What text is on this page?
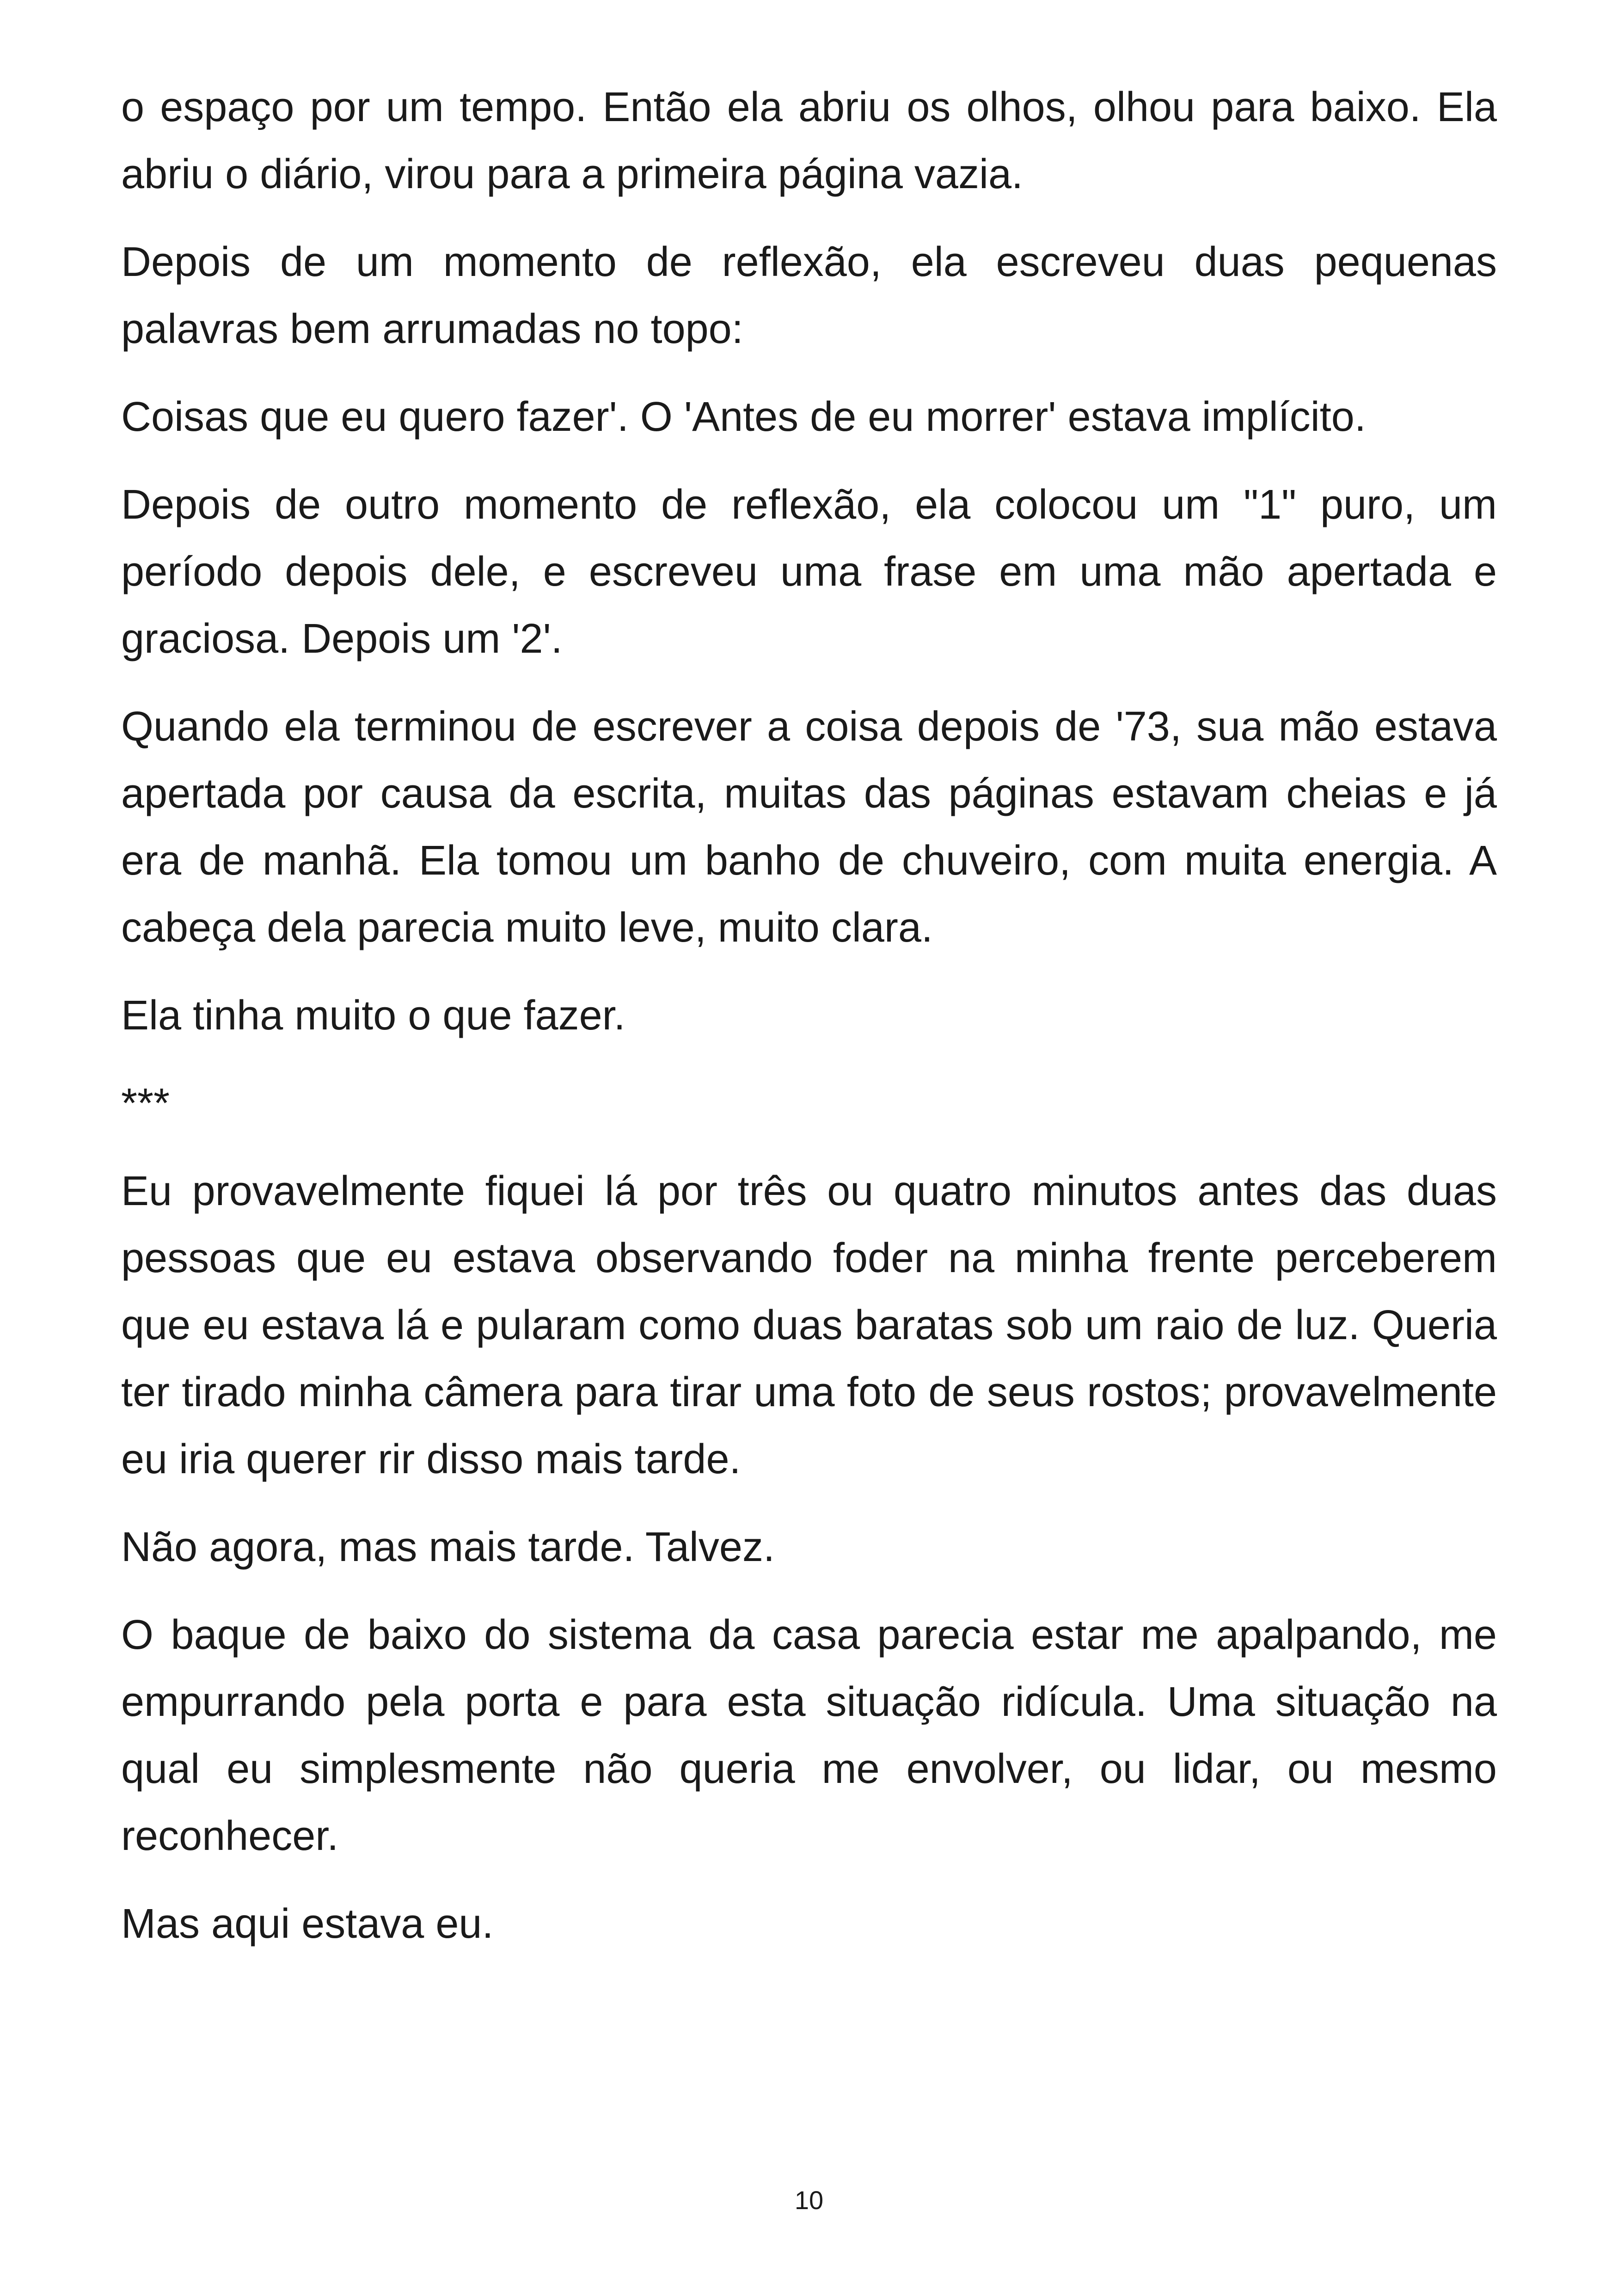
o espaço por um tempo. Então ela abriu os olhos, olhou para baixo. Ela abriu o diário, virou para a primeira página vazia.

Depois de um momento de reflexão, ela escreveu duas pequenas palavras bem arrumadas no topo:

Coisas que eu quero fazer'. O 'Antes de eu morrer' estava implícito.

Depois de outro momento de reflexão, ela colocou um "1" puro, um período depois dele, e escreveu uma frase em uma mão apertada e graciosa. Depois um '2'.

Quando ela terminou de escrever a coisa depois de '73, sua mão estava apertada por causa da escrita, muitas das páginas estavam cheias e já era de manhã. Ela tomou um banho de chuveiro, com muita energia. A cabeça dela parecia muito leve, muito clara.

Ela tinha muito o que fazer.

***

Eu provavelmente fiquei lá por três ou quatro minutos antes das duas pessoas que eu estava observando foder na minha frente perceberem que eu estava lá e pularam como duas baratas sob um raio de luz. Queria ter tirado minha câmera para tirar uma foto de seus rostos; provavelmente eu iria querer rir disso mais tarde.

Não agora, mas mais tarde. Talvez.

O baque de baixo do sistema da casa parecia estar me apalpando, me empurrando pela porta e para esta situação ridícula. Uma situação na qual eu simplesmente não queria me envolver, ou lidar, ou mesmo reconhecer.

Mas aqui estava eu.

10
